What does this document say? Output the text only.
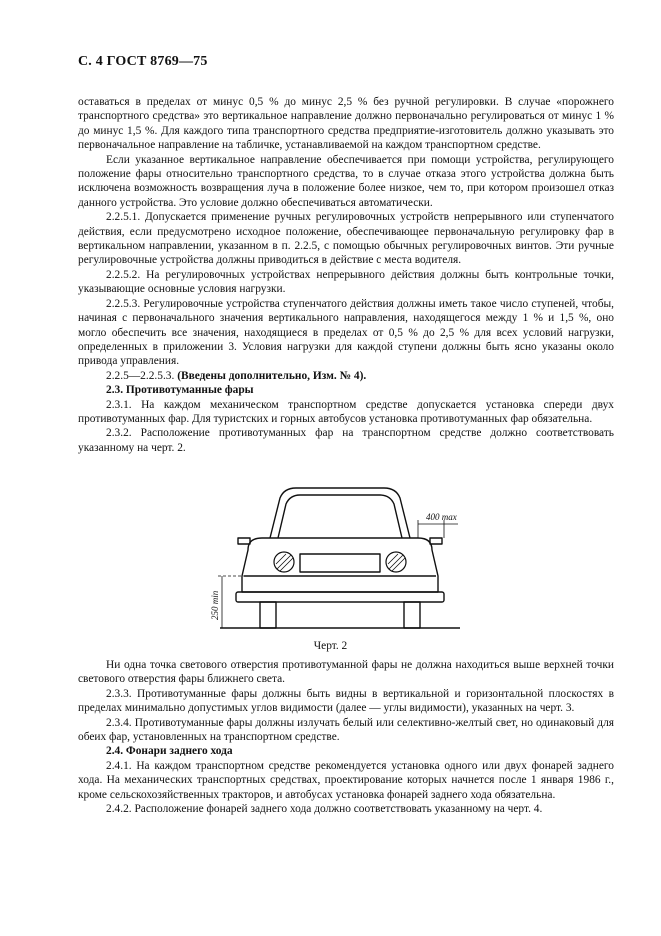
С. 4 ГОСТ 8769—75

оставаться в пределах от минус 0,5 % до минус 2,5 % без ручной регулировки. В случае «порожнего транспортного средства» это вертикальное направление должно первоначально регулироваться от минус 1 % до минус 1,5 %. Для каждого типа транспортного средства предприятие-изготовитель должно указывать это первоначальное направление на табличке, устанавливаемой на каждом транспортном средстве.

Если указанное вертикальное направление обеспечивается при помощи устройства, регулирующего положение фары относительно транспортного средства, то в случае отказа этого устройства должна быть исключена возможность возвращения луча в положение более низкое, чем то, при котором произошел отказ данного устройства. Это условие должно обеспечиваться автоматически.

2.2.5.1. Допускается применение ручных регулировочных устройств непрерывного или ступенчатого действия, если предусмотрено исходное положение, обеспечивающее первоначальную регулировку фар в вертикальном направлении, указанном в п. 2.2.5, с помощью обычных регулировочных винтов. Эти ручные регулировочные устройства должны приводиться в действие с места водителя.

2.2.5.2. На регулировочных устройствах непрерывного действия должны быть контрольные точки, указывающие основные условия нагрузки.

2.2.5.3. Регулировочные устройства ступенчатого действия должны иметь такое число ступеней, чтобы, начиная с первоначального значения вертикального направления, находящегося между 1 % и 1,5 %, оно могло обеспечить все значения, находящиеся в пределах от 0,5 % до 2,5 % для всех условий нагрузки, определенных в приложении 3. Условия нагрузки для каждой ступени должны быть ясно указаны около привода управления.

2.2.5—2.2.5.3. (Введены дополнительно, Изм. № 4).

2.3. Противотуманные фары

2.3.1. На каждом механическом транспортном средстве допускается установка спереди двух противотуманных фар. Для туристских и горных автобусов установка противотуманных фар обязательна.

2.3.2. Расположение противотуманных фар на транспортном средстве должно соответствовать указанному на черт. 2.

400 max
250 min
Черт. 2

Ни одна точка светового отверстия противотуманной фары не должна находиться выше верхней точки светового отверстия фары ближнего света.

2.3.3. Противотуманные фары должны быть видны в вертикальной и горизонтальной плоскостях в пределах минимально допустимых углов видимости (далее — углы видимости), указанных на черт. 3.

2.3.4. Противотуманные фары должны излучать белый или селективно-желтый свет, но одинаковый для обеих фар, установленных на транспортном средстве.

2.4. Фонари заднего хода

2.4.1. На каждом транспортном средстве рекомендуется установка одного или двух фонарей заднего хода. На механических транспортных средствах, проектирование которых начнется после 1 января 1986 г., кроме сельскохозяйственных тракторов, и автобусах установка фонарей заднего хода обязательна.

2.4.2. Расположение фонарей заднего хода должно соответствовать указанному на черт. 4.
